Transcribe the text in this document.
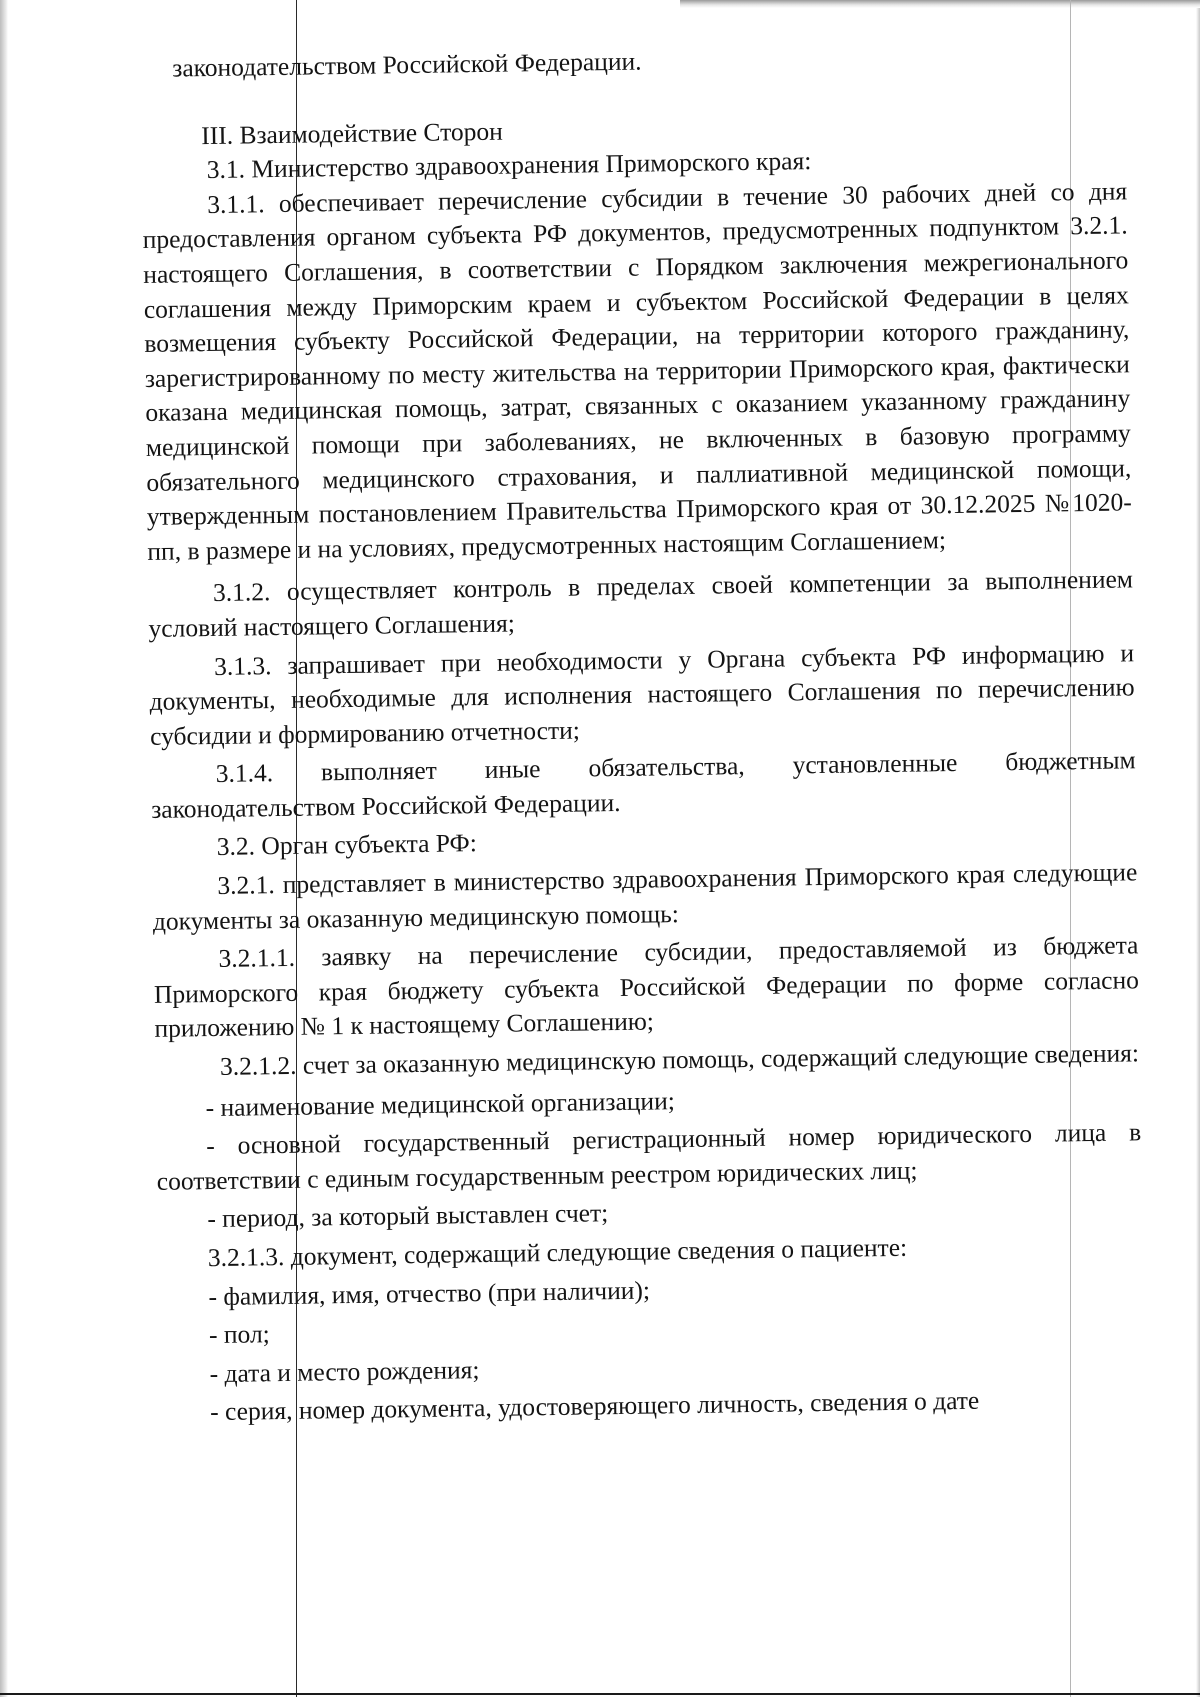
законодательством Российской Федерации.

III. Взаимодействие Сторон

3.1. Министерство здравоохранения Приморского края:

3.1.1. обеспечивает перечисление субсидии в течение 30 рабочих дней со дня предоставления органом субъекта РФ документов, предусмотренных подпунктом 3.2.1. настоящего Соглашения, в соответствии с Порядком заключения межрегионального соглашения между Приморским краем и субъектом Российской Федерации в целях возмещения субъекту Российской Федерации, на территории которого гражданину, зарегистрированному по месту жительства на территории Приморского края, фактически оказана медицинская помощь, затрат, связанных с оказанием указанному гражданину медицинской помощи при заболеваниях, не включенных в базовую программу обязательного медицинского страхования, и паллиативной медицинской помощи, утвержденным постановлением Правительства Приморского края от 30.12.2025 №1020-пп, в размере и на условиях, предусмотренных настоящим Соглашением;

3.1.2. осуществляет контроль в пределах своей компетенции за выполнением условий настоящего Соглашения;

3.1.3. запрашивает при необходимости у Органа субъекта РФ информацию и документы, необходимые для исполнения настоящего Соглашения по перечислению субсидии и формированию отчетности;

3.1.4. выполняет иные обязательства, установленные бюджетным законодательством Российской Федерации.

3.2. Орган субъекта РФ:

3.2.1. представляет в министерство здравоохранения Приморского края следующие документы за оказанную медицинскую помощь:

3.2.1.1. заявку на перечисление субсидии, предоставляемой из бюджета Приморского края бюджету субъекта Российской Федерации по форме согласно приложению № 1 к настоящему Соглашению;

3.2.1.2. счет за оказанную медицинскую помощь, содержащий следующие сведения:

- наименование медицинской организации;

- основной государственный регистрационный номер юридического лица в соответствии с единым государственным реестром юридических лиц;

- период, за который выставлен счет;

3.2.1.3. документ, содержащий следующие сведения о пациенте:

- фамилия, имя, отчество (при наличии);

- пол;

- дата и место рождения;

- серия, номер документа, удостоверяющего личность, сведения о дате
